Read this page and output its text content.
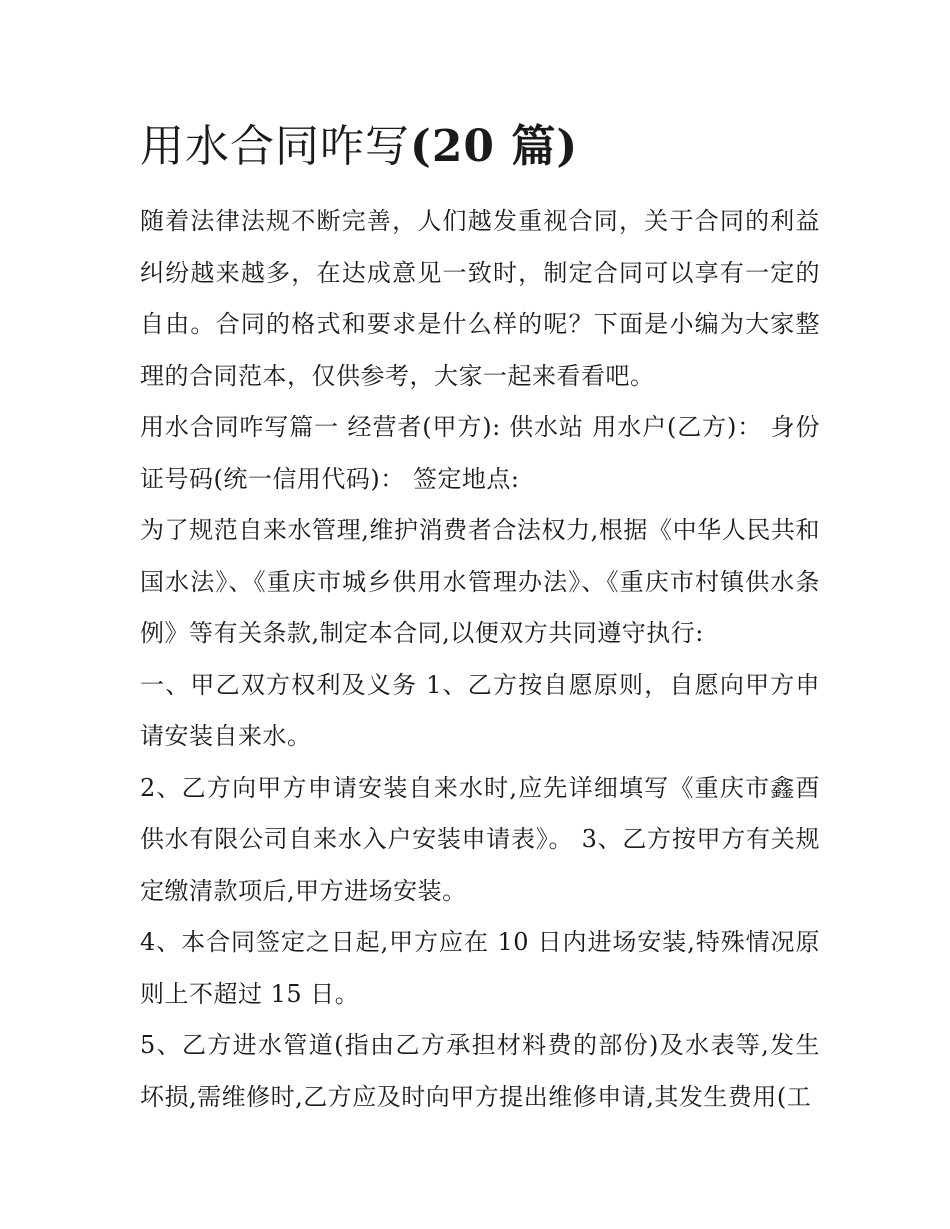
用水合同咋写(20 篇)

随着法律法规不断完善，人们越发重视合同，关于合同的利益纠纷越来越多，在达成意见一致时，制定合同可以享有一定的自由。合同的格式和要求是什么样的呢？下面是小编为大家整理的合同范本，仅供参考，大家一起来看看吧。

用水合同咋写篇一 经营者(甲方): 供水站 用水户(乙方)： 身份证号码(统一信用代码)： 签定地点:

为了规范自来水管理,维护消费者合法权力,根据《中华人民共和国水法》、《重庆市城乡供用水管理办法》、《重庆市村镇供水条例》等有关条款,制定本合同,以便双方共同遵守执行:

一、甲乙双方权利及义务 1、乙方按自愿原则，自愿向甲方申请安装自来水。

2、乙方向甲方申请安装自来水时,应先详细填写《重庆市鑫酉供水有限公司自来水入户安装申请表》。 3、乙方按甲方有关规定缴清款项后,甲方进场安装。

4、本合同签定之日起,甲方应在 10 日内进场安装,特殊情况原则上不超过 15 日。

5、乙方进水管道(指由乙方承担材料费的部份)及水表等,发生坏损,需维修时,乙方应及时向甲方提出维修申请,其发生费用(工
